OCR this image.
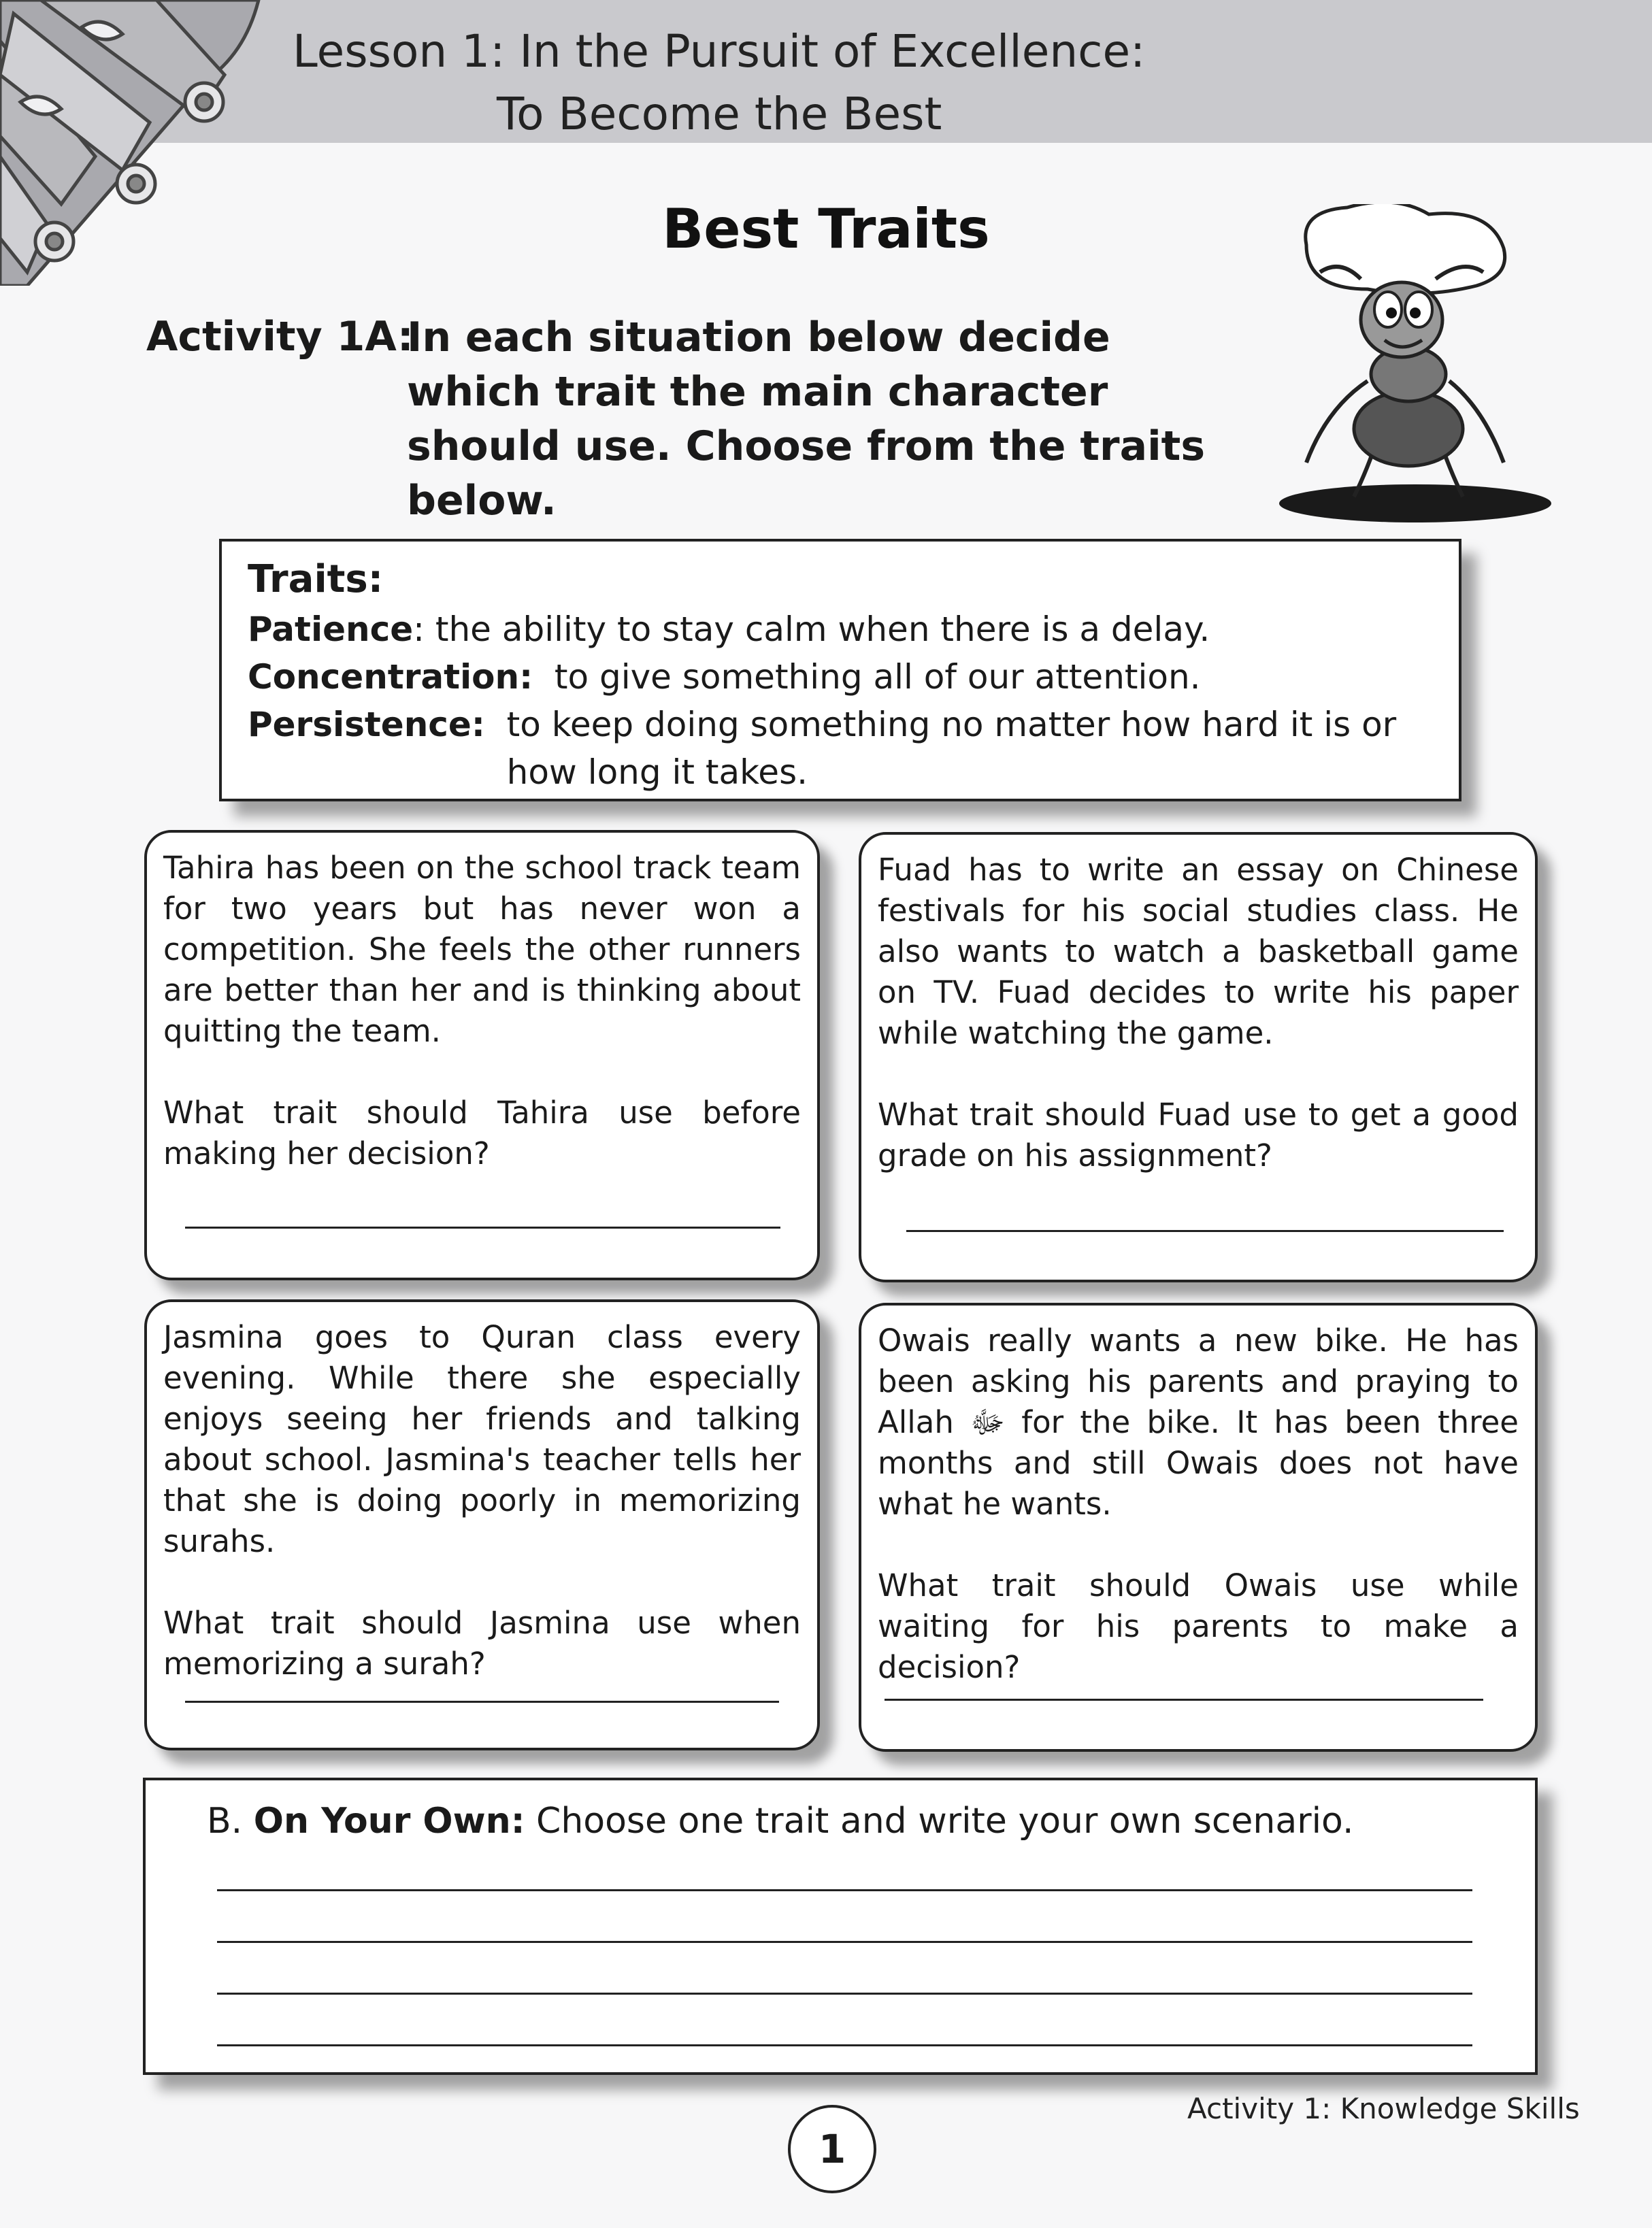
Lesson 1: In the Pursuit of Excellence:
To Become the Best
Best Traits
Activity 1A:
In each situation below decide which trait the main character should use. Choose from the traits below.
Traits:
Patience : the ability to stay calm when there is a delay.
Concentration:
to give something all of our attention.
Persistence:
to keep doing something no matter how hard it is or how long it takes.

Tahira has been on the school track team for two years but has never won a competition. She feels the other runners are better than her and is thinking about quitting the team.

What trait should Tahira use before making her decision?

Fuad has to write an essay on Chinese festivals for his social studies class. He also wants to watch a basketball game on TV. Fuad decides to write his paper while watching the game.

What trait should Fuad use to get a good grade on his assignment?

Jasmina goes to Quran class every evening. While there she especially enjoys seeing her friends and talking about school. Jasmina's teacher tells her that she is doing poorly in memorizing surahs.

What trait should Jasmina use when memorizing a surah?

Owais really wants a new bike. He has been asking his parents and praying to Allah ﷻ for the bike. It has been three months and still Owais does not have what he wants.

What trait should Owais use while waiting for his parents to make a decision?

B. On Your Own: Choose one trait and write your own scenario.
Activity 1: Knowledge Skills
1
